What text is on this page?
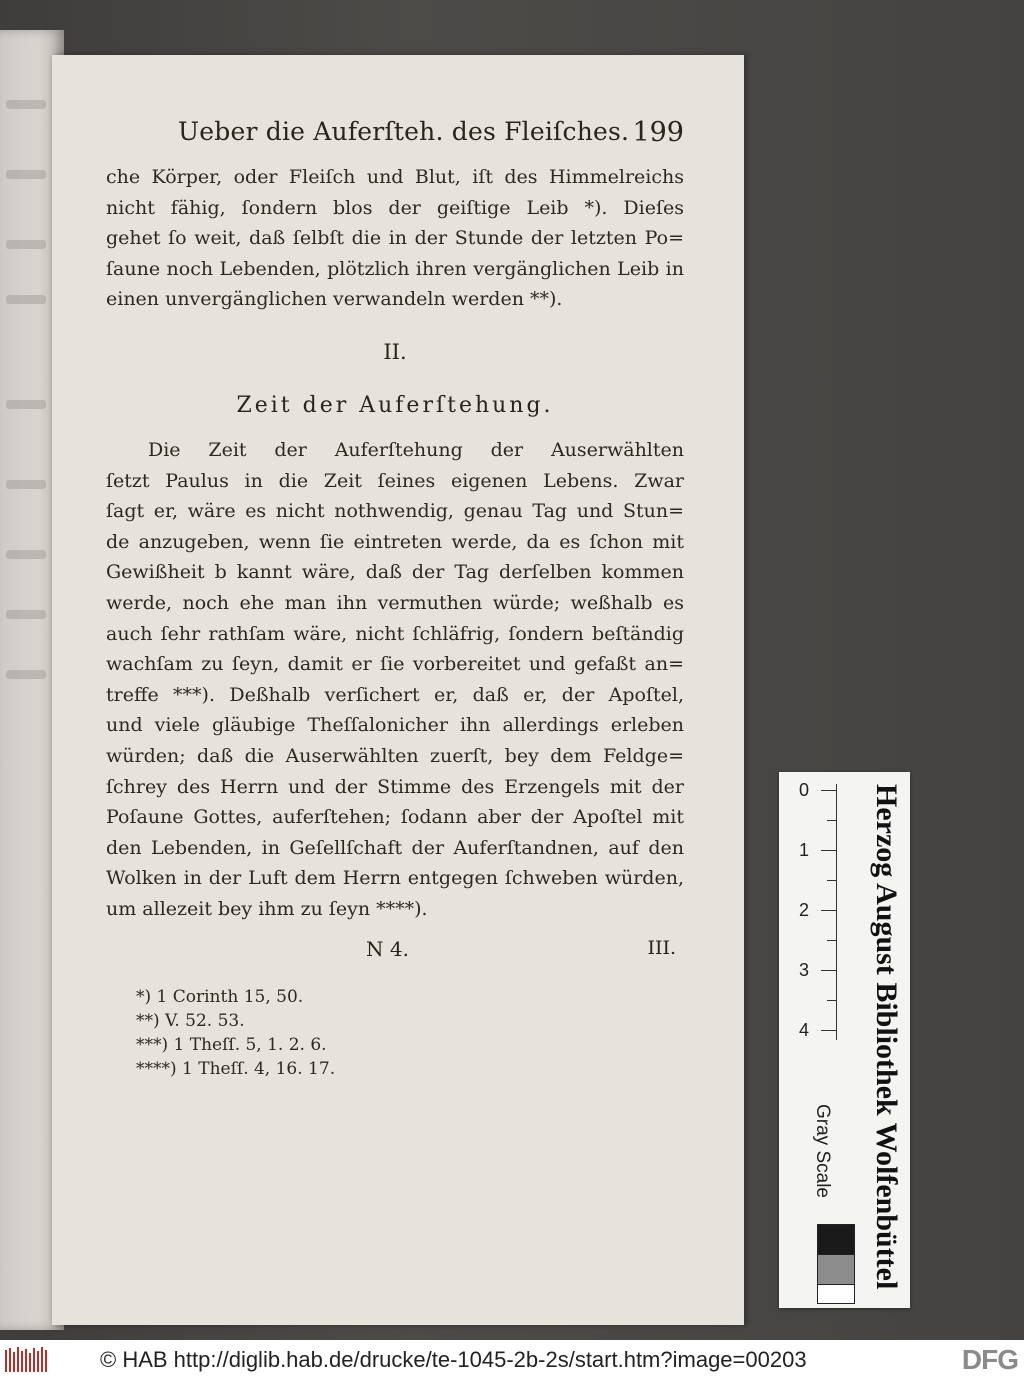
Ueber die Auferſteh. des Fleiſches. 199

che Körper, oder Fleiſch und Blut, iſt des Himmelreichs

nicht fähig, ſondern blos der geiſtige Leib *). Dieſes

gehet ſo weit, daß ſelbſt die in der Stunde der letzten Po=

ſaune noch Lebenden, plötzlich ihren vergänglichen Leib in

einen unvergänglichen verwandeln werden **).

II.
Zeit der Auferſtehung.

Die Zeit der Auferſtehung der Auserwählten

ſetzt Paulus in die Zeit ſeines eigenen Lebens. Zwar

ſagt er, wäre es nicht nothwendig, genau Tag und Stun=

de anzugeben, wenn ſie eintreten werde, da es ſchon mit

Gewißheit b kannt wäre, daß der Tag derſelben kommen

werde, noch ehe man ihn vermuthen würde; weßhalb es

auch ſehr rathſam wäre, nicht ſchläfrig, ſondern beſtändig

wachſam zu ſeyn, damit er ſie vorbereitet und gefaßt an=

treffe ***). Deßhalb verſichert er, daß er, der Apoſtel,

und viele gläubige Theſſalonicher ihn allerdings erleben

würden; daß die Auserwählten zuerſt, bey dem Feldge=

ſchrey des Herrn und der Stimme des Erzengels mit der

Poſaune Gottes, auferſtehen; ſodann aber der Apoſtel mit

den Lebenden, in Geſellſchaft der Auferſtandnen, auf den

Wolken in der Luft dem Herrn entgegen ſchweben würden,

um allezeit bey ihm zu ſeyn ****).

N 4.	III.
*) 1 Corinth 15, 50.
**) V. 52. 53.
***) 1 Theſſ. 5, 1. 2. 6.
****) 1 Theſſ. 4, 16. 17.
0
1
2
3
4 Herzog August Bibliothek Wolfenbüttel
Gray Scale
© HAB http://diglib.hab.de/drucke/te-1045-2b-2s/start.htm?image=00203	DFG
